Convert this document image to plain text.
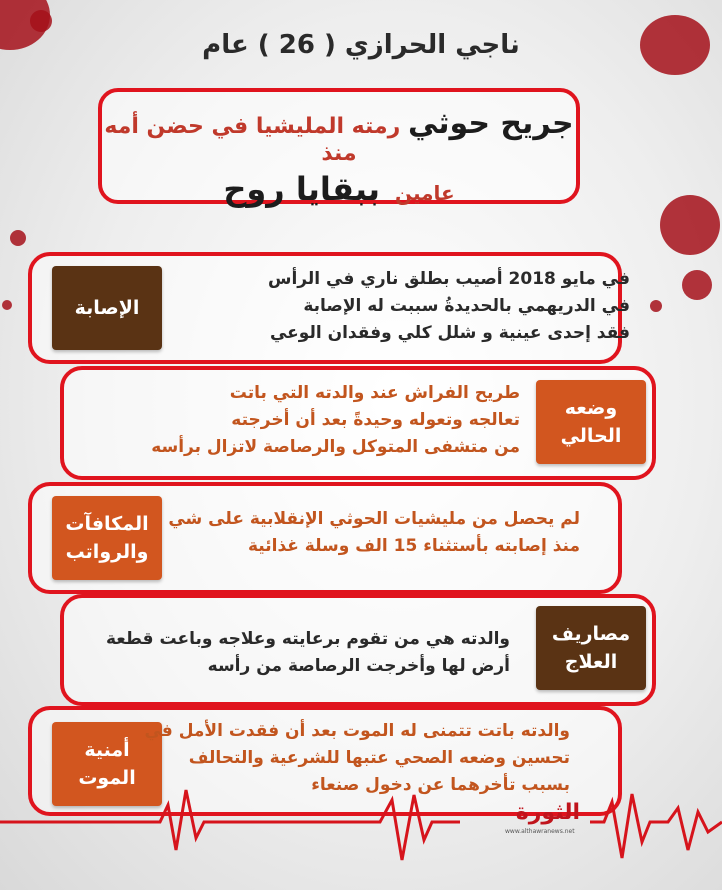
ناجي الحرازي ( 26 ) عام
جريح حوثي رمته المليشيا في حضن أمه منذ
عامين ببقايا روح
الإصابة
في مايو 2018 أصيب بطلق ناري في الرأس
في الدريهمي بالحديدةُ سببت له الإصابة
فقد إحدى عينية و شلل كلي وفقدان الوعي
وضعه
الحالي
طريح الفراش عند والدته التي باتت
تعالجه وتعوله وحيدةً بعد أن أخرجته
من متشفى المتوكل والرصاصة لاتزال برأسه
المكافآت
والرواتب
لم يحصل من مليشيات الحوثي الإنقلابية على شي
منذ إصابته بأستثناء 15 الف وسلة غذائية
مصاريف
العلاج
والدته هي من تقوم برعايته وعلاجه وباعت قطعة
أرض لها وأخرجت الرصاصة من رأسه
أمنية
الموت
والدته باتت تتمنى له الموت بعد أن فقدت الأمل في
تحسين وضعه الصحي عتبها للشرعية والتحالف
بسبب تأخرهما عن دخول صنعاء
الثورة
www.althawranews.net
